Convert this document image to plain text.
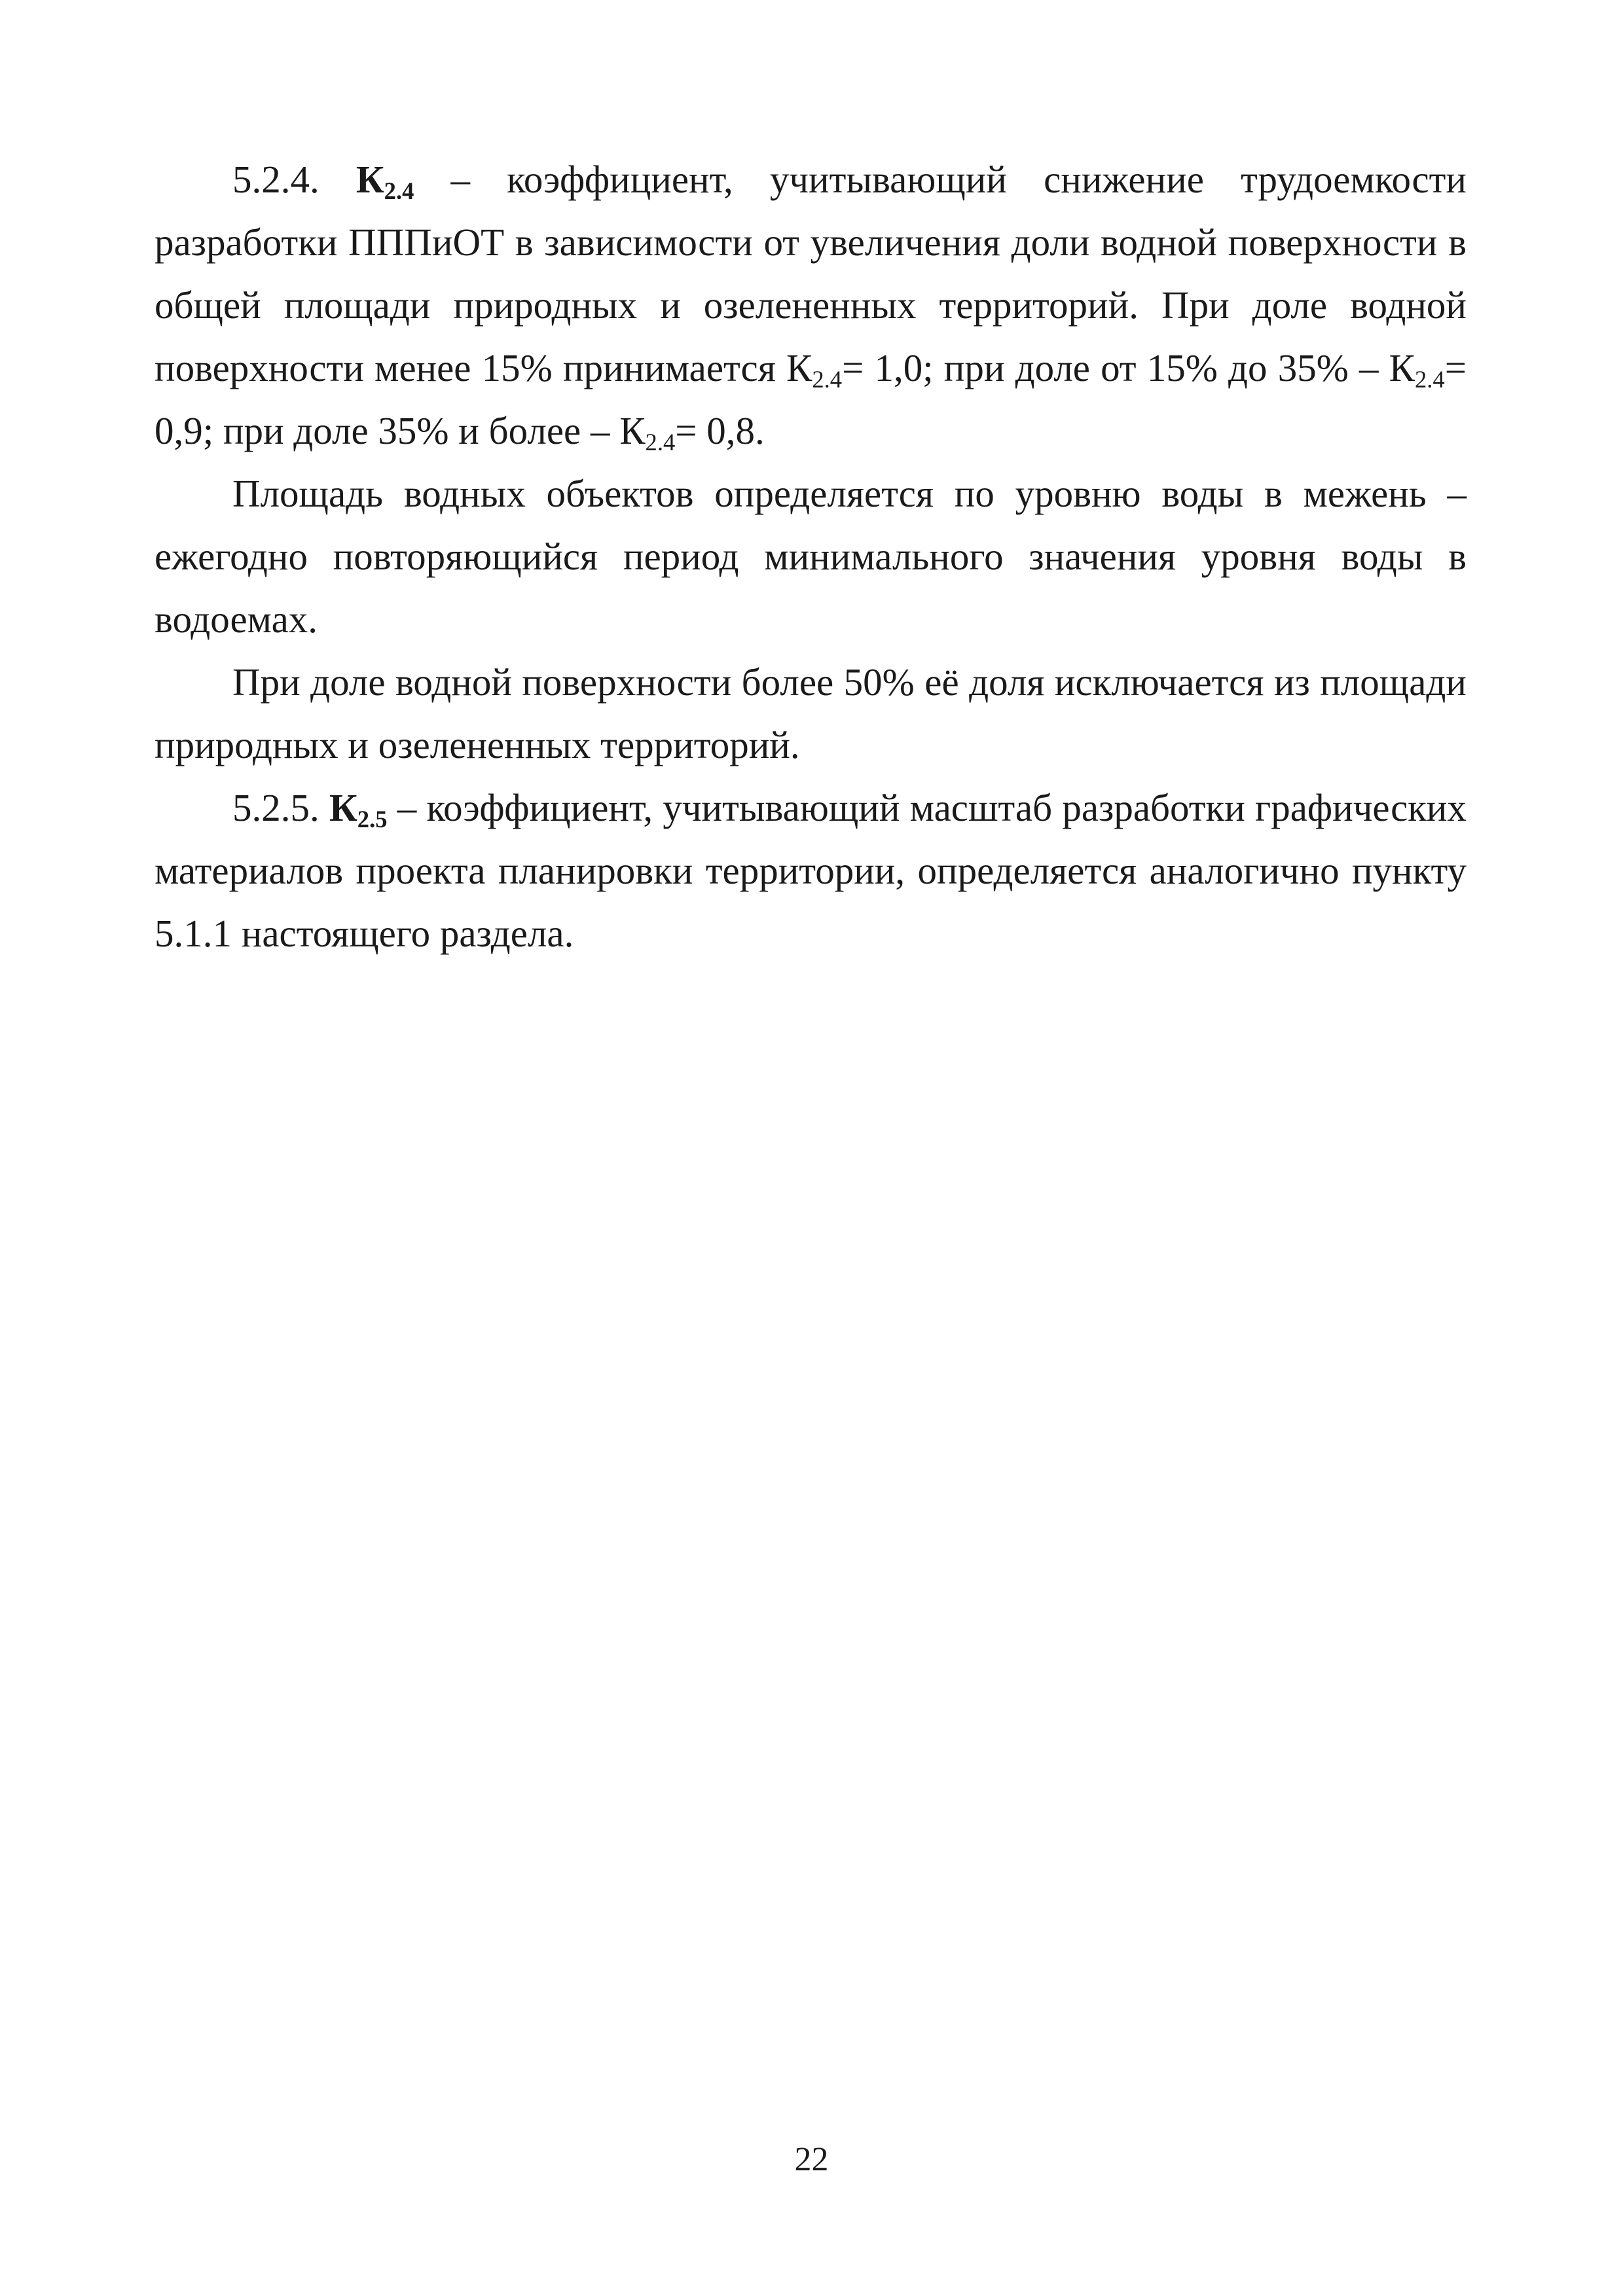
5.2.4. $К_{2.4}$ – коэффициент, учитывающий снижение трудоемкости разработки ПППиОТ в зависимости от увеличения доли водной поверхности в общей площади природных и озелененных территорий. При доле водной поверхности менее 15% принимается $К_{2.4}= 1,0$; при доле от 15% до $35\% - К_{2.4}= 0,9$; при доле 35% и более – $К_{2.4}= 0,8$.

Площадь водных объектов определяется по уровню воды в межень – ежегодно повторяющийся период минимального значения уровня воды в водоемах.

При доле водной поверхности более 50% её доля исключается из площади природных и озелененных территорий.

5.2.5. $К_{2.5}$ – коэффициент, учитывающий масштаб разработки графических материалов проекта планировки территории, определяется аналогично пункту 5.1.1 настоящего раздела.

22
